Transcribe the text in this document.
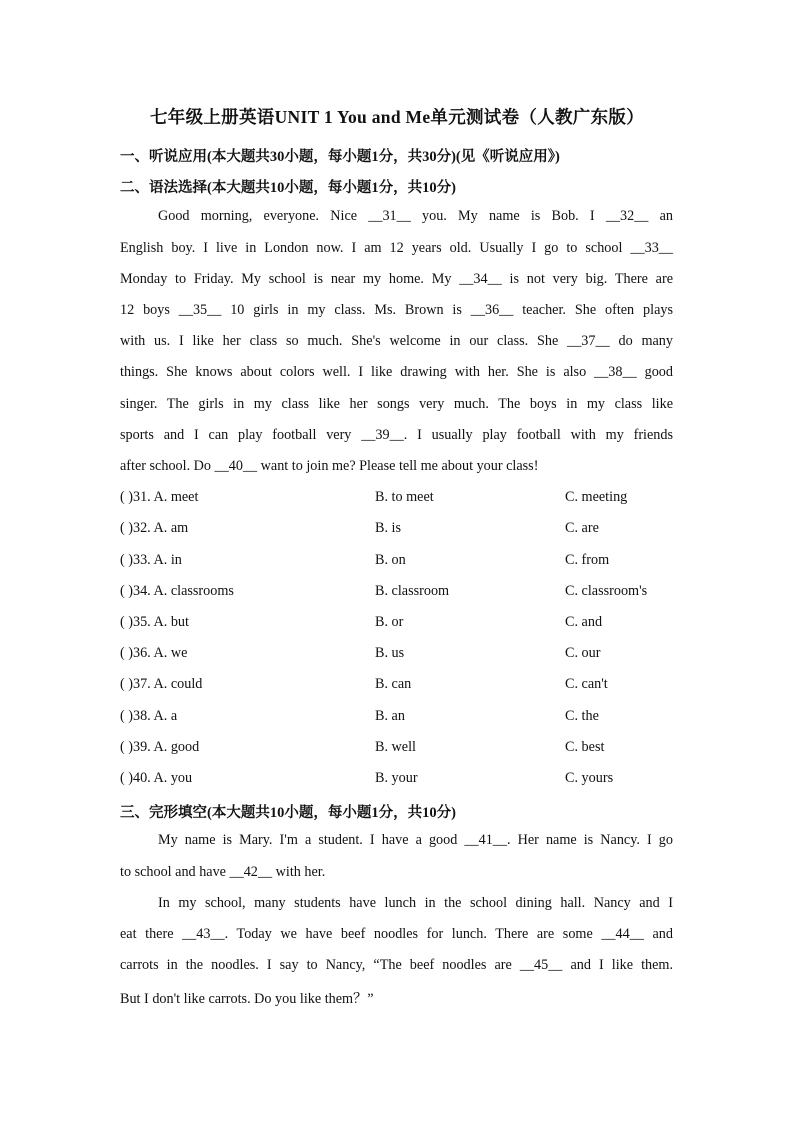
七年级上册英语UNIT 1 You and Me单元测试卷（人教广东版）
一、听说应用(本大题共30小题，每小题1分，共30分)(见《听说应用》)
二、语法选择(本大题共10小题，每小题1分，共10分)
Good morning, everyone. Nice __31__ you. My name is Bob. I __32__ an
English boy. I live in London now. I am 12 years old. Usually I go to school __33__
Monday to Friday. My school is near my home. My __34__ is not very big. There are
12 boys __35__ 10 girls in my class. Ms. Brown is __36__ teacher. She often plays
with us. I like her class so much. She's welcome in our class. She __37__ do many
things. She knows about colors well. I like drawing with her. She is also __38__ good
singer. The girls in my class like her songs very much. The boys in my class like
sports and I can play football very __39__. I usually play football with my friends
after school. Do __40__ want to join me? Please tell me about your class!
( )31. A. meet	B. to meet	C. meeting
( )32. A. am	B. is	C. are
( )33. A. in	B. on	C. from
( )34. A. classrooms	B. classroom	C. classroom's
( )35. A. but	B. or	C. and
( )36. A. we	B. us	C. our
( )37. A. could	B. can	C. can't
( )38. A. a	B. an	C. the
( )39. A. good	B. well	C. best
( )40. A. you	B. your	C. yours
三、完形填空(本大题共10小题，每小题1分，共10分)
My name is Mary. I'm a student. I have a good __41__. Her name is Nancy. I go
to school and have __42__ with her.
In my school, many students have lunch in the school dining hall. Nancy and I
eat there __43__. Today we have beef noodles for lunch. There are some __44__ and
carrots in the noodles. I say to Nancy, “The beef noodles are __45__ and I like them.
But I don't like carrots. Do you like them？”
